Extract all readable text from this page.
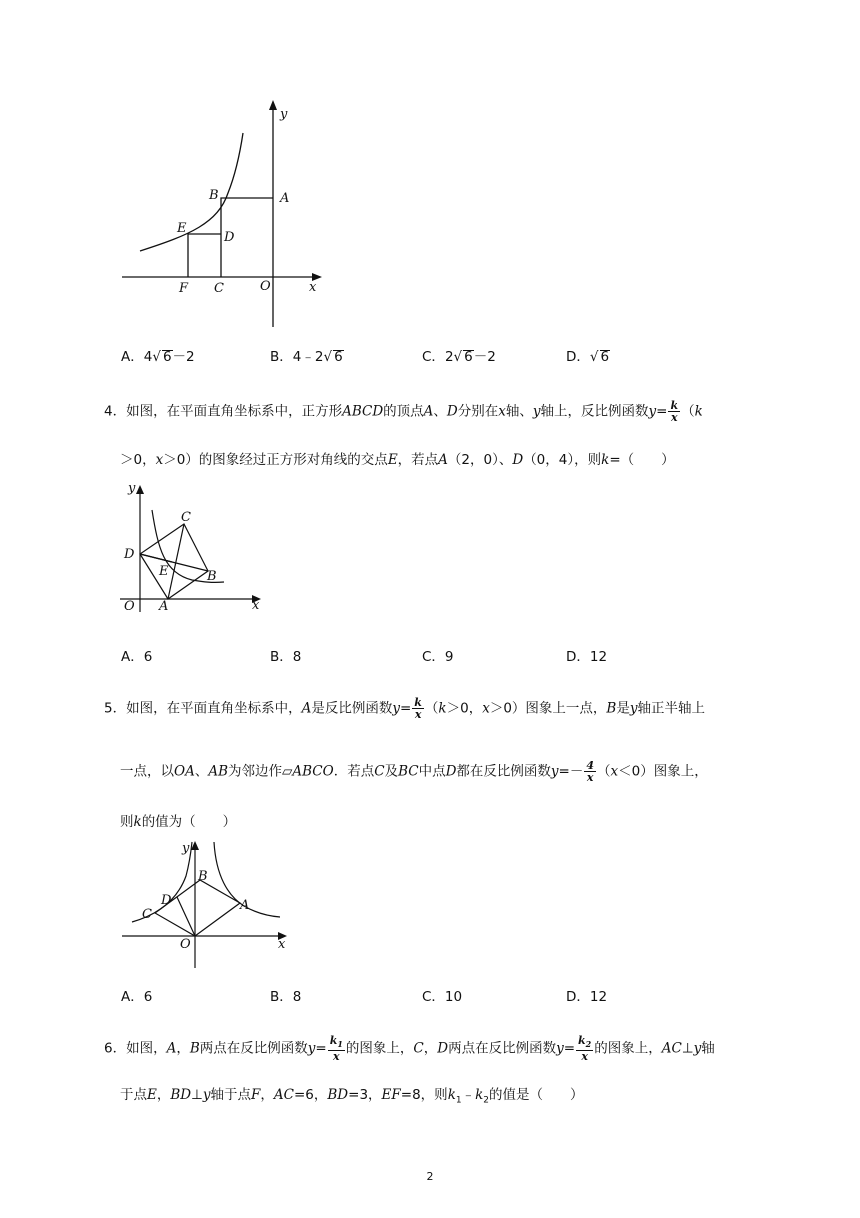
y
x
A
B
E
D
F C	O
A．4√ 6－2	B．4﹣2√ 6	C．2√ 6－2	D．√ 6
4．如图，在平面直角坐标系中，正方形ABCD的顶点A、D分别在x轴、y轴上，反比例函数$y= \frac{k}{x} (k$
＞0，x＞0）的图象经过正方形对角线的交点E，若点A（2，0）、D（0，4），则k=（　　）
y
x
C
D
E	B
O A
A．6	B．8	C．9	D．12
5．如图，在平面直角坐标系中，A是反比例函数$y= \frac{k}{x} (k>0$，x＞0）图象上一点，B是y轴正半轴上
一点，以OA、AB为邻边作▱ABCO．若点C及BC中点D都在反比例函数$y=- \frac{4}{x} (x<0)$图象上，
则k的值为（　　）
y
x
B
A
D
C
O
A．6	B．8	C．10	D．12
6．如图，A，B两点在反比例函数$y= \frac{k_1}{x}$ 的图象上，C，D两点在反比例函数$y= \frac{k_2}{x}$ 的图象上，AC⊥y轴
于点E，BD⊥y轴于点F，AC=6，BD=3，EF=8，则$k_1﹣k_2$的值是（　　）
2
